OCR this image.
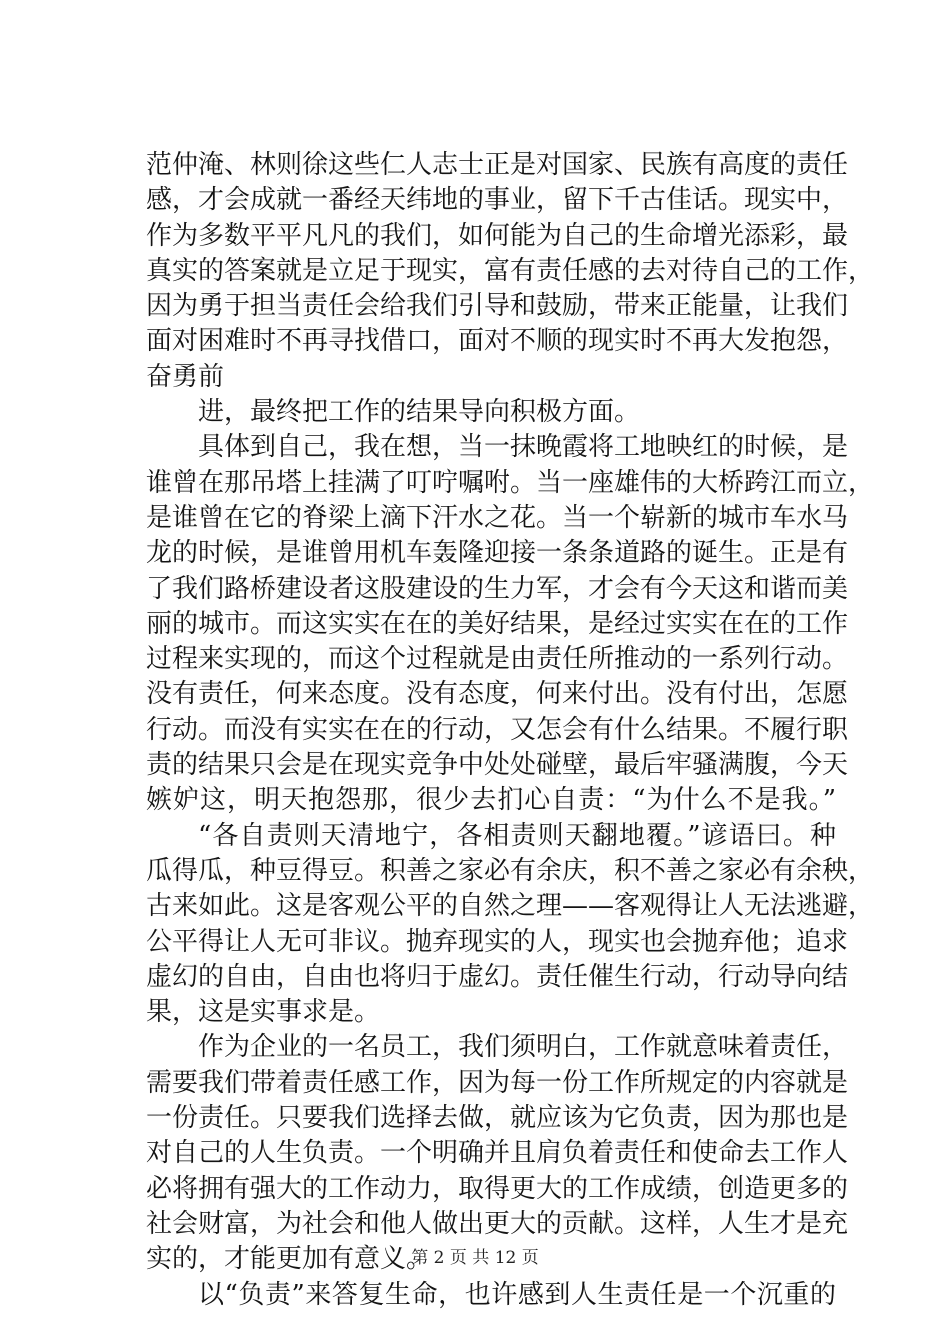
范仲淹、林则徐这些仁人志士正是对国家、民族有高度的责任
感，才会成就一番经天纬地的事业，留下千古佳话。现实中，
作为多数平平凡凡的我们，如何能为自己的生命增光添彩，最
真实的答案就是立足于现实，富有责任感的去对待自己的工作，
因为勇于担当责任会给我们引导和鼓励，带来正能量，让我们
面对困难时不再寻找借口，面对不顺的现实时不再大发抱怨，
奋勇前
进，最终把工作的结果导向积极方面。
具体到自己，我在想，当一抹晚霞将工地映红的时候，是
谁曾在那吊塔上挂满了叮咛嘱咐。当一座雄伟的大桥跨江而立，
是谁曾在它的脊梁上滴下汗水之花。当一个崭新的城市车水马
龙的时候，是谁曾用机车轰隆迎接一条条道路的诞生。正是有
了我们路桥建设者这股建设的生力军，才会有今天这和谐而美
丽的城市。而这实实在在的美好结果，是经过实实在在的工作
过程来实现的，而这个过程就是由责任所推动的一系列行动。
没有责任，何来态度。没有态度，何来付出。没有付出，怎愿
行动。而没有实实在在的行动，又怎会有什么结果。不履行职
责的结果只会是在现实竞争中处处碰壁，最后牢骚满腹，今天
嫉妒这，明天抱怨那，很少去扪心自责：“为什么不是我。”
“各自责则天清地宁，各相责则天翻地覆。”谚语曰。种
瓜得瓜，种豆得豆。积善之家必有余庆，积不善之家必有余秧，
古来如此。这是客观公平的自然之理——客观得让人无法逃避，
公平得让人无可非议。抛弃现实的人，现实也会抛弃他；追求
虚幻的自由，自由也将归于虚幻。责任催生行动，行动导向结
果，这是实事求是。
作为企业的一名员工，我们须明白，工作就意味着责任，
需要我们带着责任感工作，因为每一份工作所规定的内容就是
一份责任。只要我们选择去做，就应该为它负责，因为那也是
对自己的人生负责。一个明确并且肩负着责任和使命去工作人
必将拥有强大的工作动力，取得更大的工作成绩，创造更多的
社会财富，为社会和他人做出更大的贡献。这样，人生才是充
实的，才能更加有意义。
以“负责”来答复生命，也许感到人生责任是一个沉重的
第 2 页 共 12 页
